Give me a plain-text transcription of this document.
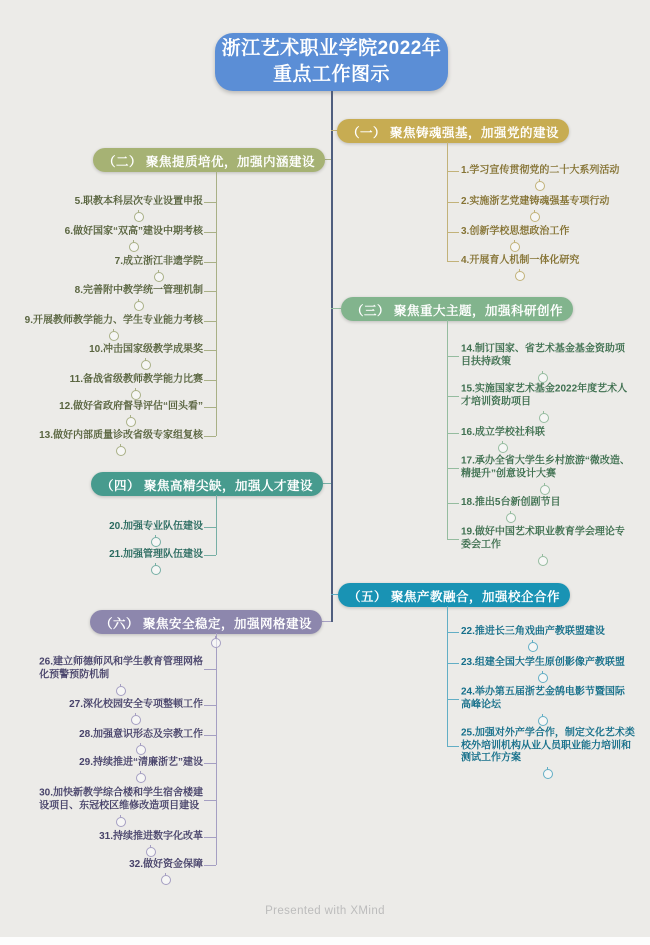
浙江艺术职业学院2022年
重点工作图示
Presented with XMind
（一） 聚焦铸魂强基，加强党的建设
1.学习宣传贯彻党的二十大系列活动
2.实施浙艺党建铸魂强基专项行动
3.创新学校思想政治工作
4.开展育人机制一体化研究
（二） 聚焦提质培优，加强内涵建设
5.职教本科层次专业设置申报
6.做好国家“双高”建设中期考核
7.成立浙江非遗学院
8.完善附中教学统一管理机制
9.开展教师教学能力、学生专业能力考核
10.冲击国家级教学成果奖
11.备战省级教师教学能力比赛
12.做好省政府督导评估“回头看”
13.做好内部质量诊改省级专家组复核
（三） 聚焦重大主题，加强科研创作
14.制订国家、省艺术基金基金资助项
目扶持政策
15.实施国家艺术基金2022年度艺术人
才培训资助项目
16.成立学校社科联
17.承办全省大学生乡村旅游“微改造、
精提升”创意设计大赛
18.推出5台新创剧节目
19.做好中国艺术职业教育学会理论专
委会工作
（四） 聚焦高精尖缺，加强人才建设
20.加强专业队伍建设
21.加强管理队伍建设
（五） 聚焦产教融合，加强校企合作
22.推进长三角戏曲产教联盟建设
23.组建全国大学生原创影像产教联盟
24.举办第五届浙艺金鹄电影节暨国际
高峰论坛
25.加强对外产学合作，制定文化艺术类
校外培训机构从业人员职业能力培训和
测试工作方案
（六） 聚焦安全稳定，加强网格建设
26.建立师德师风和学生教育管理网格
化预警预防机制
27.深化校园安全专项整顿工作
28.加强意识形态及宗教工作
29.持续推进“清廉浙艺”建设
30.加快新教学综合楼和学生宿舍楼建
设项目、东冠校区维修改造项目建设
31.持续推进数字化改革
32.做好资金保障
